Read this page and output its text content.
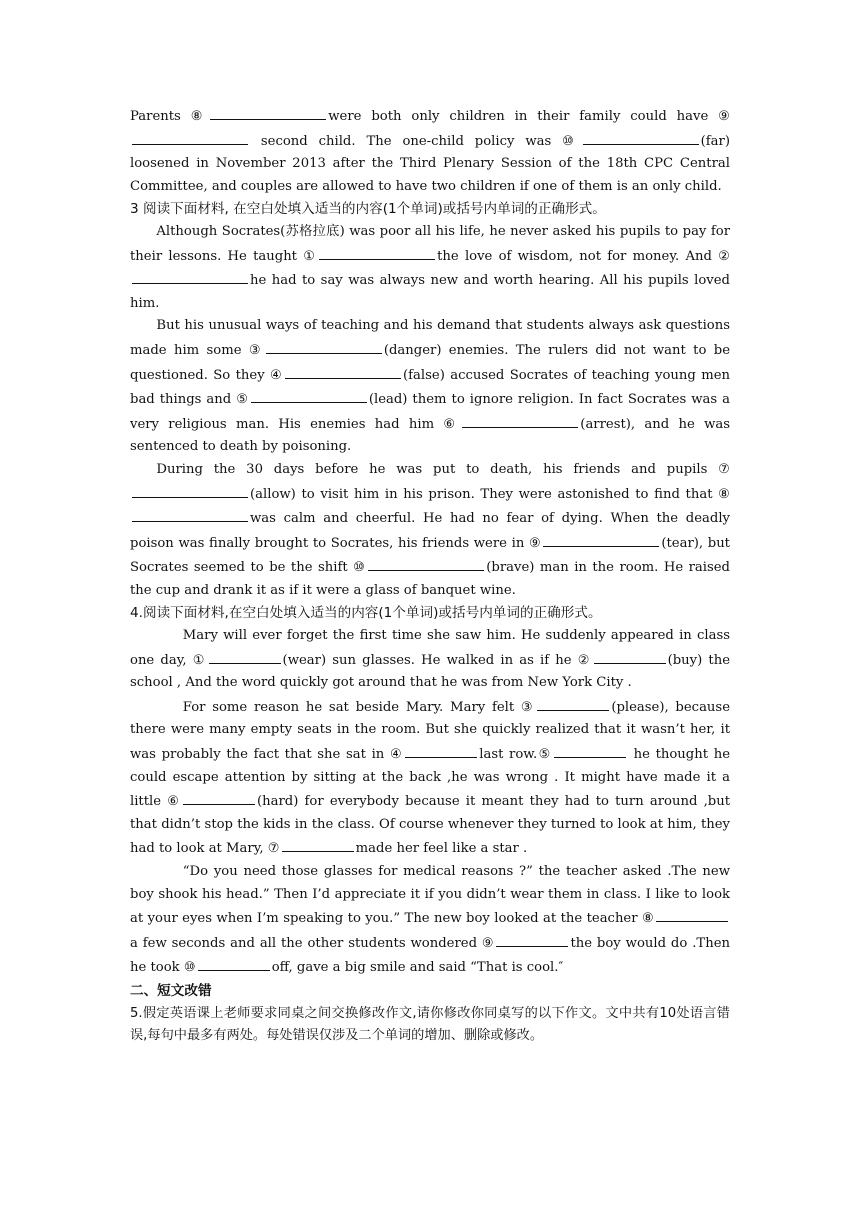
Parents ⑧	were both only children in their family could have ⑨ second child. The one-child policy was ⑩	(far) loosened in November 2013 after the Third Plenary Session of the 18th CPC Central Committee, and couples are allowed to have two children if one of them is an only child.

3 阅读下面材料, 在空白处填入适当的内容(1个单词)或括号内单词的正确形式。

Although Socrates(苏格拉底) was poor all his life, he never asked his pupils to pay for their lessons. He taught ①	the love of wisdom, not for money. And ②he had to say was always new and worth hearing. All his pupils loved him.

But his unusual ways of teaching and his demand that students always ask questions made him some ③	(danger) enemies. The rulers did not want to be questioned. So they ④	(false) accused Socrates of teaching young men bad things and ⑤	(lead) them to ignore religion. In fact Socrates was a very religious man. His enemies had him ⑥	(arrest), and he was sentenced to death by poisoning.

During the 30 days before he was put to death, his friends and pupils ⑦(allow) to visit him in his prison. They were astonished to find that ⑧was calm and cheerful. He had no fear of dying. When the deadly poison was finally brought to Socrates, his friends were in ⑨	(tear), but Socrates seemed to be the shift ⑩	(brave) man in the room. He raised the cup and drank it as if it were a glass of banquet wine.

4.阅读下面材料,在空白处填入适当的内容(1个单词)或括号内单词的正确形式。

Mary will ever forget the first time she saw him. He suddenly appeared in class one day, ①	(wear) sun glasses. He walked in as if he ②	(buy) the school , And the word quickly got around that he was from New York City .

For some reason he sat beside Mary. Mary felt ③	(please), because there were many empty seats in the room. But she quickly realized that it wasn’t her, it was probably the fact that she sat in ④	last row.⑤	he thought he could escape attention by sitting at the back ,he was wrong . It might have made it a little ⑥	(hard) for everybody because it meant they had to turn around ,but that didn’t stop the kids in the class. Of course whenever they turned to look at him, they had to look at Mary, ⑦	made her feel like a star .

“Do you need those glasses for medical reasons ?” the teacher asked .The new boy shook his head.” Then I’d appreciate it if you didn’t wear them in class. I like to look at your eyes when I’m speaking to you.” The new boy looked at the teacher ⑧a few seconds and all the other students wondered ⑨	the boy would do .Then he took ⑩	off, gave a big smile and said “That is cool.″

二、短文改错

5.假定英语课上老师要求同桌之间交换修改作文,请你修改你同桌写的以下作文。文中共有10处语言错误,每句中最多有两处。每处错误仅涉及二个单词的增加、删除或修改。
